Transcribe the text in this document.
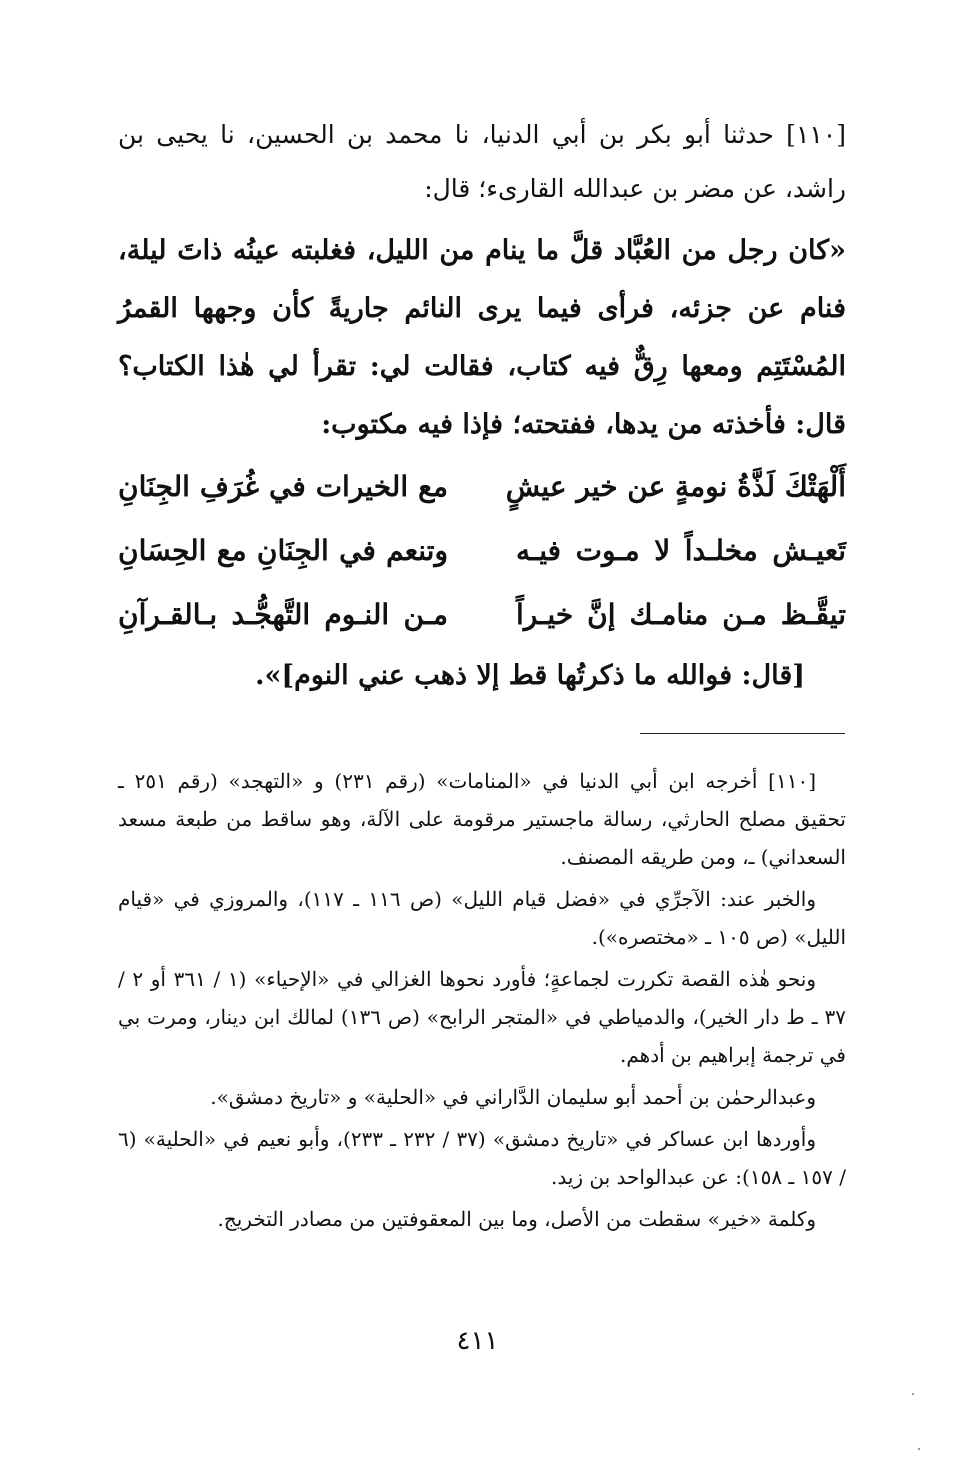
[١١٠] حدثنا أبو بكر بن أبي الدنيا، نا محمد بن الحسين، نا يحيى بن راشد، عن مضر بن عبدالله القارىء؛ قال:
«كان رجل من العُبَّاد قلَّ ما ينام من الليل، فغلبته عينُه ذاتَ ليلة، فنام عن جزئه، فرأى فيما يرى النائم جاريةً كأن وجهها القمرُ المُسْتَتِم ومعها رِقٌّ فيه كتاب، فقالت لي: تقرأ لي هٰذا الكتاب؟ قال: فأخذته من يدها، ففتحته؛ فإذا فيه مكتوب:
أَلْهَتْكَ لَذَّةُ نومةٍ عن خير عيشٍ
مع الخيرات في غُرَفِ الجِنَانِ
تَعيـش مخلـداً لا مـوت فيـه
وتنعم في الجِنَانِ مع الحِسَانِ
تيقَّـظ مـن منامـك إنَّ خيـراً
مـن النـوم التَّهجُّـد بـالقـرآنِ
[قال: فوالله ما ذكرتُها قط إلا ذهب عني النوم]».

[١١٠] أخرجه ابن أبي الدنيا في «المنامات» (رقم ٢٣١) و «التهجد» (رقم ٢٥١ ـ تحقيق مصلح الحارثي، رسالة ماجستير مرقومة على الآلة، وهو ساقط من طبعة مسعد السعداني) ـ، ومن طريقه المصنف.

والخبر عند: الآجرِّي في «فضل قيام الليل» (ص ١١٦ ـ ١١٧)، والمروزي في «قيام الليل» (ص ١٠٥ ـ «مختصره»).

ونحو هٰذه القصة تكررت لجماعةٍ؛ فأورد نحوها الغزالي في «الإحياء» (١ / ٣٦١ أو ٢ / ٣٧ ـ ط دار الخير)، والدمياطي في «المتجر الرابح» (ص ١٣٦) لمالك ابن دينار، ومرت بي في ترجمة إبراهيم بن أدهم.

وعبدالرحمٰن بن أحمد أبو سليمان الدَّاراني في «الحلية» و «تاريخ دمشق».

وأوردها ابن عساكر في «تاريخ دمشق» (٣٧ / ٢٣٢ ـ ٢٣٣)، وأبو نعيم في «الحلية» (٦ / ١٥٧ ـ ١٥٨): عن عبدالواحد بن زيد.

وكلمة «خير» سقطت من الأصل، وما بين المعقوفتين من مصادر التخريج.

٤١١
